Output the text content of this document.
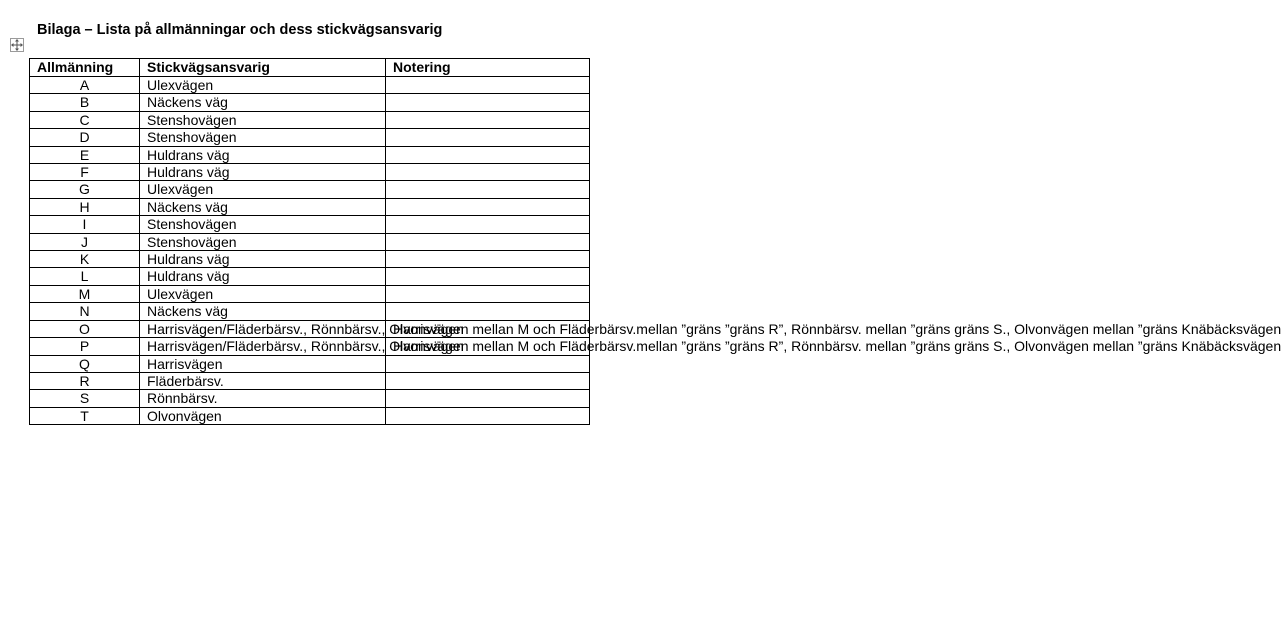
Bilaga – Lista på allmänningar och dess stickvägsansvarig
Allmänning	Stickvägsansvarig	Notering
A	Ulexvägen	
B	Näckens väg	
C	Stenshovägen	
D	Stenshovägen	
E	Huldrans väg	
F	Huldrans väg	
G	Ulexvägen	
H	Näckens väg	
I	Stenshovägen	
J	Stenshovägen	
K	Huldrans väg	
L	Huldrans väg	
M	Ulexvägen	
N	Näckens väg	
O	Harrisvägen/Fläderbärsv., Rönnbärsv., Olvonvägen	Harrisvägen mellan M och Fläderbärsv.mellan ”gräns ”gräns R”, Rönnbärsv. mellan ”gräns gräns S., Olvonvägen mellan ”gräns Knäbäcksvägen
P	Harrisvägen/Fläderbärsv., Rönnbärsv., Olvonvägen	Harrisvägen mellan M och Fläderbärsv.mellan ”gräns ”gräns R”, Rönnbärsv. mellan ”gräns gräns S., Olvonvägen mellan ”gräns Knäbäcksvägen
Q	Harrisvägen	
R	Fläderbärsv.	
S	Rönnbärsv.	
T	Olvonvägen	
